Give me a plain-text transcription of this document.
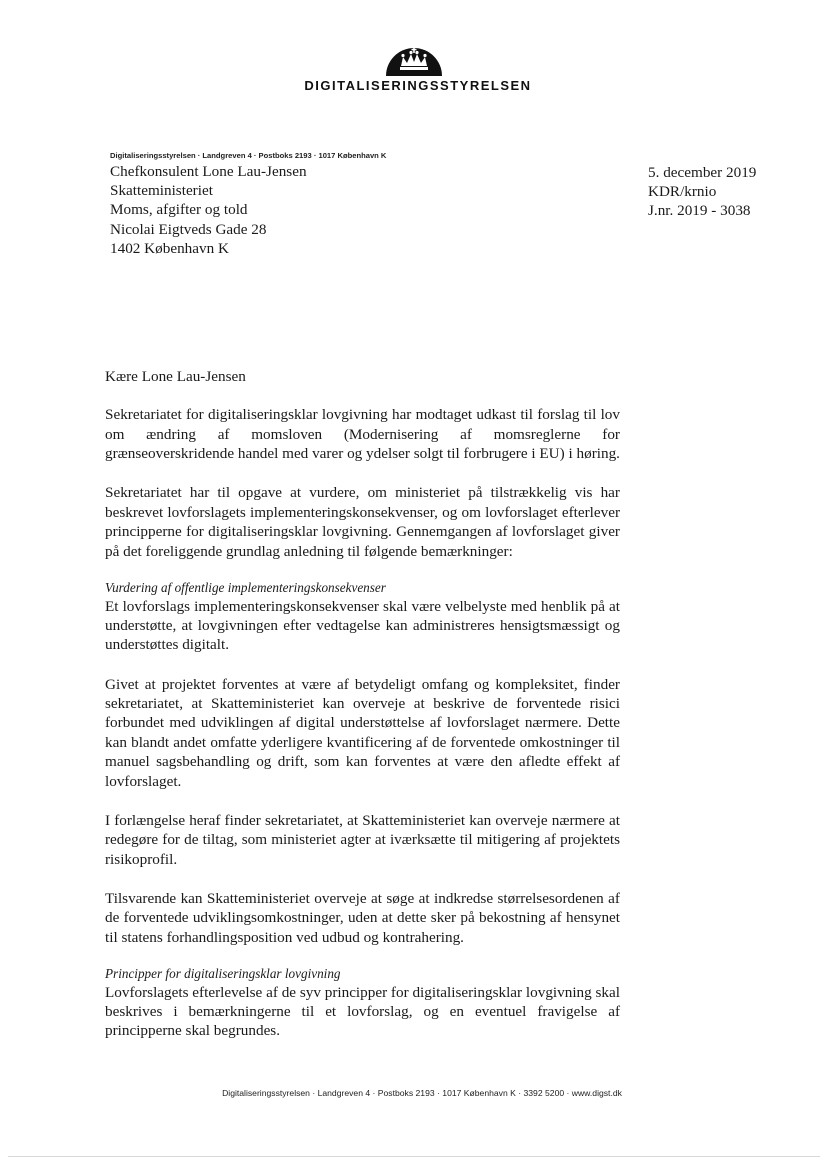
DIGITALISERINGSSTYRELSEN
Digitaliseringsstyrelsen · Landgreven 4 · Postboks 2193 · 1017 København K
Chefkonsulent Lone Lau-Jensen
Skatteministeriet
Moms, afgifter og told
Nicolai Eigtveds Gade 28
1402 København K
5. december 2019
KDR/krnio
J.nr. 2019 - 3038

Kære Lone Lau-Jensen

Sekretariatet for digitaliseringsklar lovgivning har modtaget udkast til forslag til lov om ændring af momsloven (Modernisering af momsreglerne for grænseoverskridende handel med varer og ydelser solgt til forbrugere i EU) i høring.

Sekretariatet har til opgave at vurdere, om ministeriet på tilstrækkelig vis har beskrevet lovforslagets implementeringskonsekvenser, og om lovforslaget efterlever principperne for digitaliseringsklar lovgivning. Gennemgangen af lovforslaget giver på det foreliggende grundlag anledning til følgende bemærkninger:

Vurdering af offentlige implementeringskonsekvenser

Et lovforslags implementeringskonsekvenser skal være velbelyste med henblik på at understøtte, at lovgivningen efter vedtagelse kan administreres hensigtsmæssigt og understøttes digitalt.

Givet at projektet forventes at være af betydeligt omfang og kompleksitet, finder sekretariatet, at Skatteministeriet kan overveje at beskrive de forventede risici forbundet med udviklingen af digital understøttelse af lovforslaget nærmere. Dette kan blandt andet omfatte yderligere kvantificering af de forventede omkostninger til manuel sagsbehandling og drift, som kan forventes at være den afledte effekt af lovforslaget.

I forlængelse heraf finder sekretariatet, at Skatteministeriet kan overveje nærmere at redegøre for de tiltag, som ministeriet agter at iværksætte til mitigering af projektets risikoprofil.

Tilsvarende kan Skatteministeriet overveje at søge at indkredse størrelsesordenen af de forventede udviklingsomkostninger, uden at dette sker på bekostning af hensynet til statens forhandlingsposition ved udbud og kontrahering.

Principper for digitaliseringsklar lovgivning

Lovforslagets efterlevelse af de syv principper for digitaliseringsklar lovgivning skal beskrives i bemærkningerne til et lovforslag, og en eventuel fravigelse af principperne skal begrundes.

Digitaliseringsstyrelsen · Landgreven 4 · Postboks 2193 · 1017 København K · 3392 5200 · www.digst.dk
